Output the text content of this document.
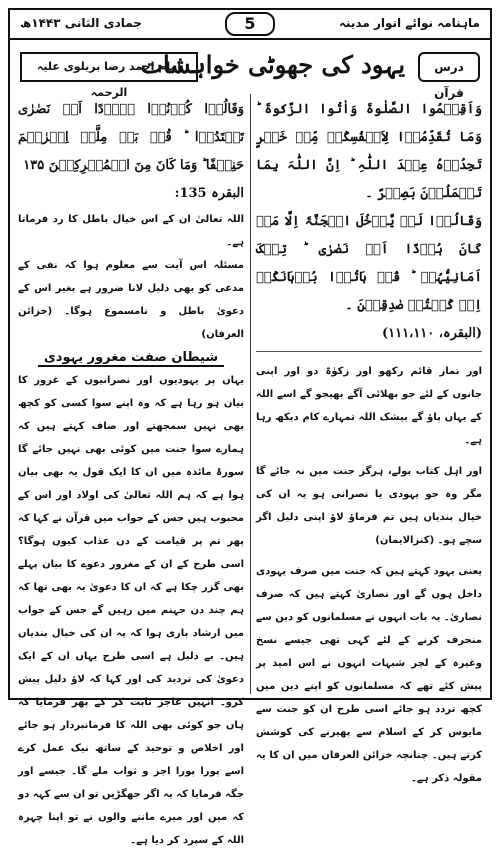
ماہنامہ نوائے انوار مدینہ
5
جمادی الثانی ۱۴۴۳ھ
درس قرآن
یہود کی جھوٹی خواہشات
امام احمد رضا بریلوی علیہ الرحمہ
وَاَقِیۡمُوا الصَّلٰوۃَ وَاٰتُوا الزَّکٰوۃَ ؕ وَمَا تُقَدِّمُوۡا لِاَنۡفُسِکُمۡ مِّنۡ خَیۡرٍ تَجِدُوۡہُ عِنۡدَ اللّٰہِ ؕ اِنَّ اللّٰہَ بِمَا تَعۡمَلُوۡنَ بَصِیۡرٌ ۔
وَقَالُوۡا لَنۡ یَّدۡخُلَ الۡجَنَّۃَ اِلَّا مَنۡ کَانَ ہُوۡدًا اَوۡ نَصٰرٰی ؕ تِلۡکَ اَمَانِیُّہُمۡ ؕ قُلۡ ہَاتُوۡا بُرۡہَانَکُمۡ اِنۡ کُنۡتُمۡ صٰدِقِیۡنَ ۔
(البقرہ، ۱۱۱،۱۱۰)

اور نماز قائم رکھو اور زکوٰۃ دو اور اپنی جانوں کے لئے جو بھلائی آگے بھیجو گے اسے اللہ کے یہاں پاؤ گے بیشک اللہ تمہارے کام دیکھ رہا ہے۔

اور اہل کتاب بولے، ہرگز جنت میں نہ جائے گا مگر وہ جو یہودی یا نصرانی ہو یہ ان کی خیال بندیاں ہیں تم فرماؤ لاؤ اپنی دلیل اگر سچے ہو۔ (کنزالایمان)

یعنی یہود کہتے ہیں کہ جنت میں صرف یہودی داخل ہوں گے اور نصاریٰ کہتے ہیں کہ صرف نصاریٰ۔ یہ بات انہوں نے مسلمانوں کو دین سے منحرف کرنے کے لئے کہی تھی جیسے نسخ وغیرہ کے لچر شبہات انہوں نے اس امید پر پیش کئے تھے کہ مسلمانوں کو اپنے دین میں کچھ تردد ہو جائے اسی طرح ان کو جنت سے مایوس کر کے اسلام سے پھیرنے کی کوشش کرتے ہیں۔ چنانچہ خزائن العرفان میں ان کا یہ مقولہ ذکر ہے۔

وَقَالُوۡا کُوۡنُوۡا ہُوۡدًا اَوۡ نَصٰرٰی تَہۡتَدُوۡا ؕ قُلۡ بَلۡ مِلَّۃَ اِبۡرٰہٖمَ حَنِیۡفًا ؕ وَمَا کَانَ مِنَ الۡمُشۡرِکِیۡنَ ۱۳۵
البقرہ 135:

اللہ تعالیٰ ان کے اس خیال باطل کا رد فرماتا ہے۔

مسئلہ اس آیت سے معلوم ہوا کہ نفی کے مدعی کو بھی دلیل لانا ضرور ہے بغیر اس کے دعویٰ باطل و نامسموع ہوگا۔ (خزائن العرفان)

شیطان صفت مغرور یہودی

یہاں پر یہودیوں اور نصرانیوں کے غرور کا بیان ہو رہا ہے کہ وہ اپنے سوا کسی کو کچھ بھی نہیں سمجھتے اور صاف کہتے ہیں کہ ہمارے سوا جنت میں کوئی بھی نہیں جائے گا سورۂ مائدہ میں ان کا ایک قول یہ بھی بیان ہوا ہے کہ ہم اللہ تعالیٰ کی اولاد اور اس کے محبوب ہیں جس کے جواب میں قرآن نے کہا کہ پھر تم پر قیامت کے دن عذاب کیوں ہوگا؟ اسی طرح کے ان کے مغرور دعوے کا بیان پہلے بھی گزر چکا ہے کہ ان کا دعویٰ یہ بھی تھا کہ ہم چند دن جہنم میں رہیں گے جس کے جواب میں ارشاد باری ہوا کہ یہ ان کی خیال بندیاں ہیں۔ بے دلیل ہے اسی طرح یہاں ان کے ایک دعویٰ کی تردید کی اور کہا کہ لاؤ دلیل پیش کرو۔ انہیں عاجز ثابت کر کے پھر فرمایا کہ ہاں جو کوئی بھی اللہ کا فرمانبردار ہو جائے اور اخلاص و توحید کے ساتھ نیک عمل کرے اسے پورا پورا اجر و ثواب ملے گا۔ جیسے اور جگہ فرمایا کہ یہ اگر جھگڑیں تو ان سے کہہ دو کہ میں اور میرے ماننے والوں نے تو اپنا چہرہ اللہ کے سپرد کر دیا ہے۔
